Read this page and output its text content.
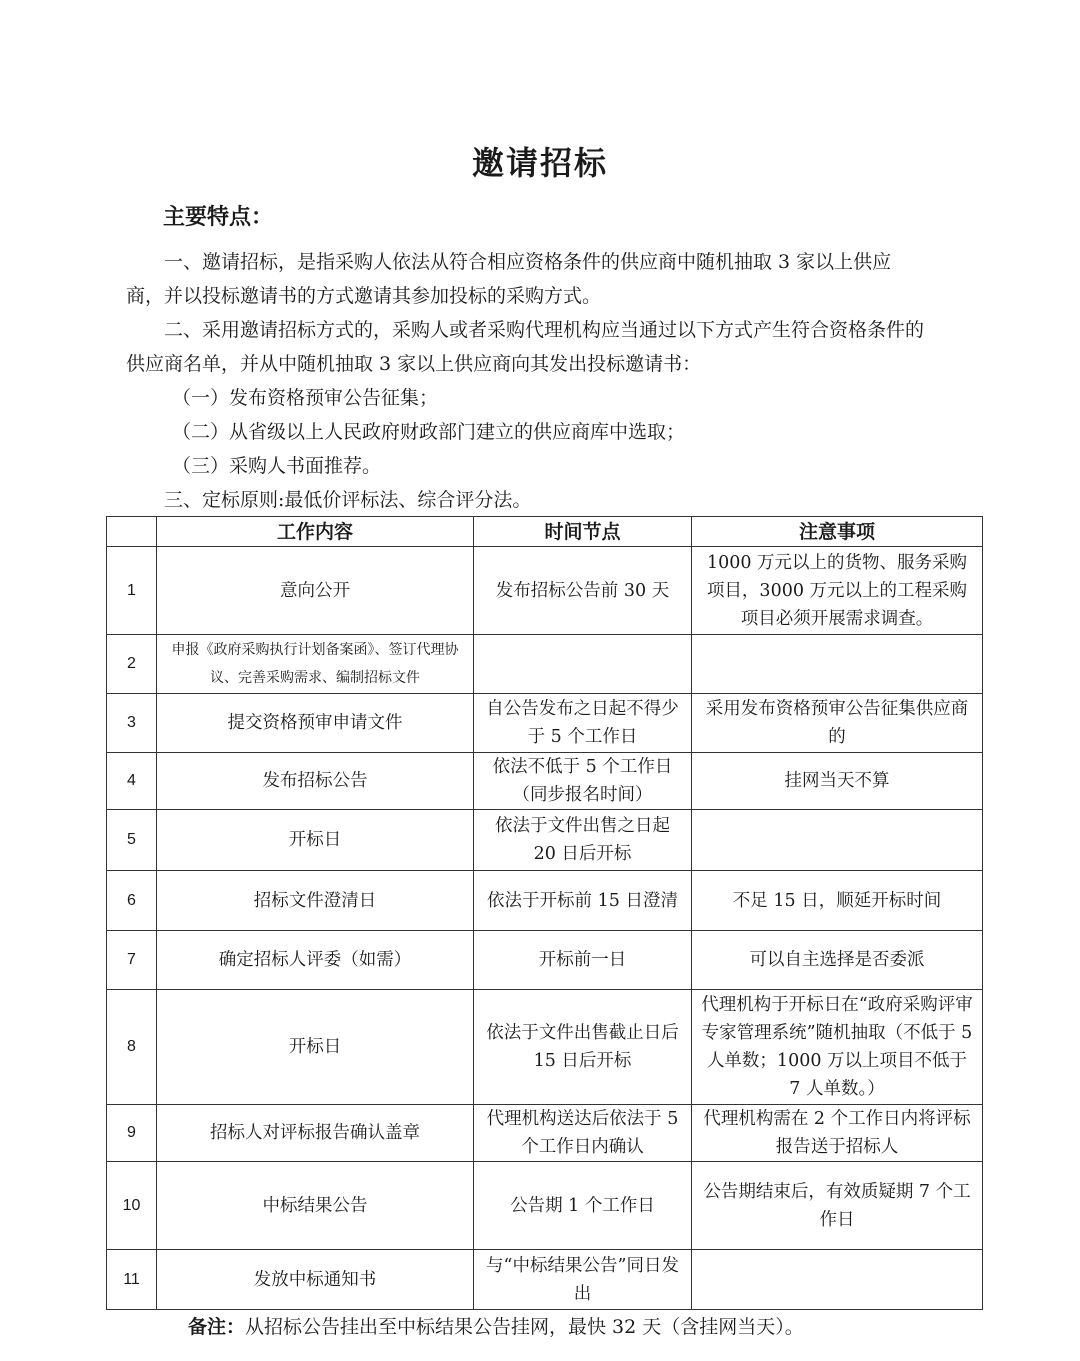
邀请招标
主要特点：

一、邀请招标，是指采购人依法从符合相应资格条件的供应商中随机抽取 3 家以上供应商，并以投标邀请书的方式邀请其参加投标的采购方式。

二、采用邀请招标方式的，采购人或者采购代理机构应当通过以下方式产生符合资格条件的供应商名单，并从中随机抽取 3 家以上供应商向其发出投标邀请书：

（一）发布资格预审公告征集；

（二）从省级以上人民政府财政部门建立的供应商库中选取；

（三）采购人书面推荐。

三、定标原则:最低价评标法、综合评分法。

	工作内容	时间节点	注意事项
1	意向公开	发布招标公告前 30 天	1000 万元以上的货物、服务采购项目，3000 万元以上的工程采购项目必须开展需求调查。
2	申报《政府采购执行计划备案函》、签订代理协议、完善采购需求、编制招标文件		
3	提交资格预审申请文件	自公告发布之日起不得少于 5 个工作日	采用发布资格预审公告征集供应商的
4	发布招标公告	依法不低于 5 个工作日（同步报名时间）	挂网当天不算
5	开标日	依法于文件出售之日起 20 日后开标	
6	招标文件澄清日	依法于开标前 15 日澄清	不足 15 日，顺延开标时间
7	确定招标人评委（如需）	开标前一日	可以自主选择是否委派
8	开标日	依法于文件出售截止日后 15 日后开标	代理机构于开标日在“政府采购评审专家管理系统”随机抽取（不低于 5 人单数；1000 万以上项目不低于 7 人单数。）
9	招标人对评标报告确认盖章	代理机构送达后依法于 5 个工作日内确认	代理机构需在 2 个工作日内将评标报告送于招标人
10	中标结果公告	公告期 1 个工作日	公告期结束后，有效质疑期 7 个工作日
11	发放中标通知书	与“中标结果公告”同日发出	
备注：从招标公告挂出至中标结果公告挂网，最快 32 天（含挂网当天）。
